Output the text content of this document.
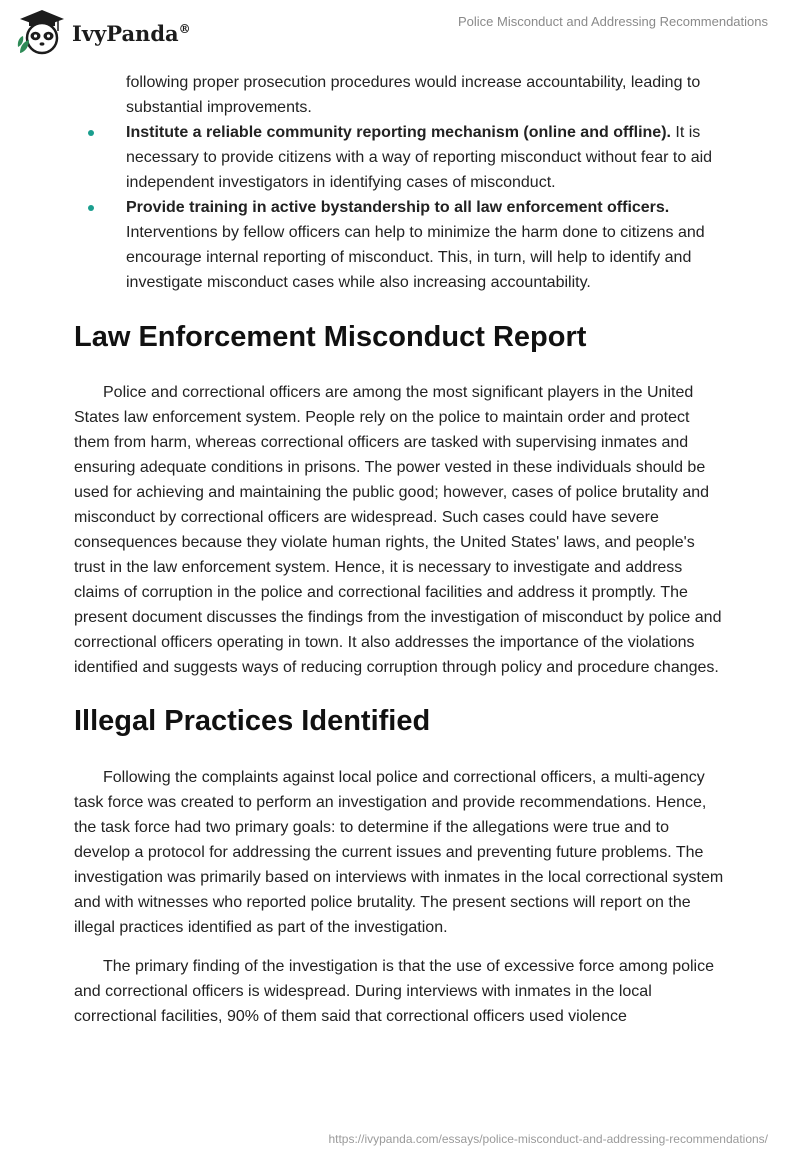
IvyPanda®	Police Misconduct and Addressing Recommendations
following proper prosecution procedures would increase accountability, leading to substantial improvements.
Institute a reliable community reporting mechanism (online and offline). It is necessary to provide citizens with a way of reporting misconduct without fear to aid independent investigators in identifying cases of misconduct.
Provide training in active bystandership to all law enforcement officers. Interventions by fellow officers can help to minimize the harm done to citizens and encourage internal reporting of misconduct. This, in turn, will help to identify and investigate misconduct cases while also increasing accountability.
Law Enforcement Misconduct Report

Police and correctional officers are among the most significant players in the United States law enforcement system. People rely on the police to maintain order and protect them from harm, whereas correctional officers are tasked with supervising inmates and ensuring adequate conditions in prisons. The power vested in these individuals should be used for achieving and maintaining the public good; however, cases of police brutality and misconduct by correctional officers are widespread. Such cases could have severe consequences because they violate human rights, the United States' laws, and people's trust in the law enforcement system. Hence, it is necessary to investigate and address claims of corruption in the police and correctional facilities and address it promptly. The present document discusses the findings from the investigation of misconduct by police and correctional officers operating in town. It also addresses the importance of the violations identified and suggests ways of reducing corruption through policy and procedure changes.

Illegal Practices Identified

Following the complaints against local police and correctional officers, a multi-agency task force was created to perform an investigation and provide recommendations. Hence, the task force had two primary goals: to determine if the allegations were true and to develop a protocol for addressing the current issues and preventing future problems. The investigation was primarily based on interviews with inmates in the local correctional system and with witnesses who reported police brutality. The present sections will report on the illegal practices identified as part of the investigation.

The primary finding of the investigation is that the use of excessive force among police and correctional officers is widespread. During interviews with inmates in the local correctional facilities, 90% of them said that correctional officers used violence

https://ivypanda.com/essays/police-misconduct-and-addressing-recommendations/
